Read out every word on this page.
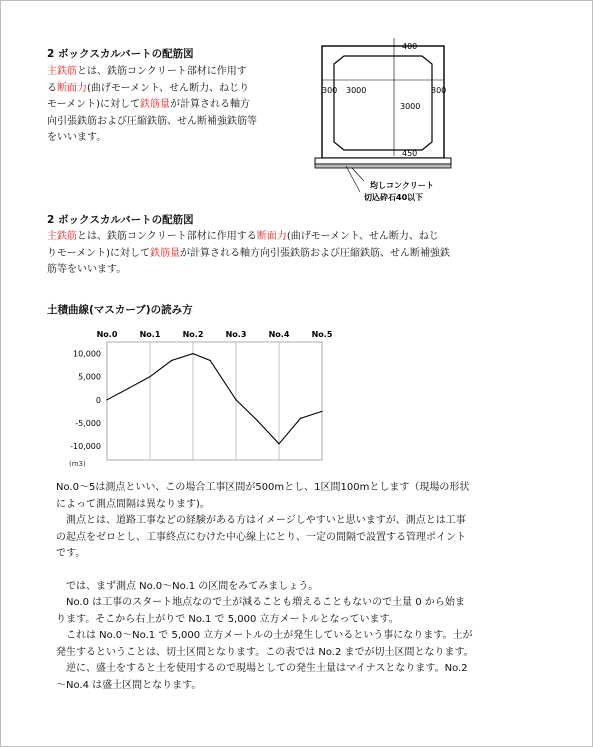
2 ボックスカルバートの配筋図
主鉄筋とは、鉄筋コンクリート部材に作用す
る断面力(曲げモーメント、せん断力、ねじり
モーメント)に対して鉄筋量が計算される軸方
向引張鉄筋および圧縮鉄筋、せん断補強鉄筋等
をいいます。
400
300 3000	300
3000
450
均しコンクリート
切込砕石40以下
2 ボックスカルバートの配筋図
主鉄筋とは、鉄筋コンクリート部材に作用する断面力(曲げモーメント、せん断力、ねじ
りモーメント)に対して鉄筋量が計算される軸方向引張鉄筋および圧縮鉄筋、せん断補強鉄
筋等をいいます。
土積曲線(マスカーブ)の読み方
No.0	No.1	No.2	No.3	No.4	No.5
10,000
5,000
0
-5,000
-10,000
(m3)
No.0～5は測点といい、この場合工事区間が500mとし、1区間100mとします（現場の形状
によって測点間隔は異なります)。
　測点とは、道路工事などの経験がある方はイメージしやすいと思いますが、測点とは工事
の起点をゼロとし、工事終点にむけた中心線上にとり、一定の間隔で設置する管理ポイント
です。
　では、まず測点 No.0～No.1 の区間をみてみましょう。
　No.0 は工事のスタート地点なので土が減ることも増えることもないので土量 0 から始ま
ります。そこから右上がりで No.1 で 5,000 立方メートルとなっています。
　これは No.0～No.1 で 5,000 立方メートルの土が発生しているという事になります。土が
発生するということは、切土区間となります。この表では No.2 までが切土区間となります。
　逆に、盛土をすると土を使用するので現場としての発生土量はマイナスとなります。No.2
～No.4 は盛土区間となります。
